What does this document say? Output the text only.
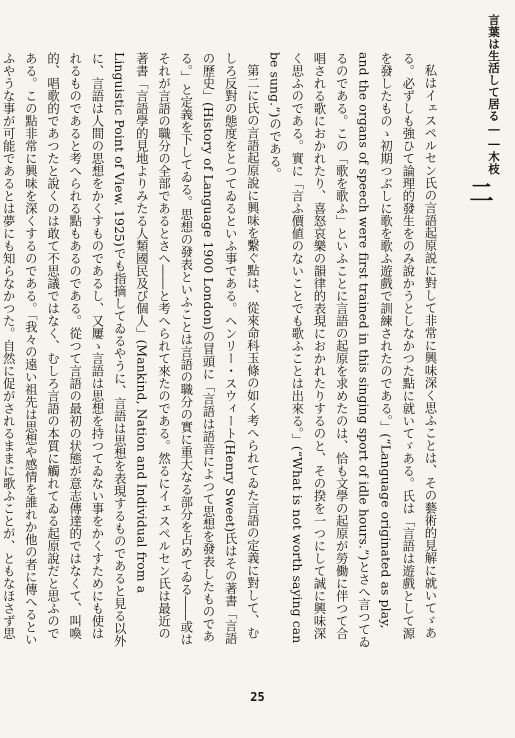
言葉は生活して居る――木枝
二

私はイェスペルセン氏の言語起原説に對して非常に興味深く思ふことは、その藝術的見解に就いてゞある。必ずしも強ひて論理的發生をのみ說かうとしなかつた點に就いてゞある。氏は「言語は遊戲として源を發したものゝ初期つぶしに歌を歌ふ遊戲で訓練されたのである。」(“Language originated as play, and the organs of speech were first trained in this singing sport of idle hours.”)とさへ言つてゐるのである。この「歌を歌ふ」といふことに言語の起原を求めたのは、恰も文學の起原が勞働に伴つて合唱される歌におかれたり、喜怒哀樂の韻律的表現におかれたりするのと、その揆を一つにして誠に興味深く思ふのである。實に「言ふ價値のないことでも歌ふことは出來る。」(“What is not worth saying can be sung.”)のである。

第二に氏の言語起原說に興味を繫ぐ點は、從來命科玉條の如く考へられてゐた言語の定義に對して、むしろ反對の態度をとつてゐるといふ事である。ヘンリー・スウィート(Henry Sweet)氏はその著書「言語の歷史」(History of Language 1900 London)の冒頭に「言語は語音によつて思想を發表したものである。」と定義を下してゐる。思想の發表といふことは言語の職分の實に重大なる部分を占めてゐる――或はそれが言語の職分の全部であるとさへ――と考へられて來たのである。然るにイェスペルセン氏は最近の著書「言語學的見地よりみたる人類國民及び個人」(Mankind, Nation and Individual from a Linguistic Point of View. 1925)でも指摘してゐるやうに、言語は思想を表現するものであると見る以外に、言語は人間の思想をかくすものであるし、又屢ゝ言語は思想を持つてゐない事をかくすためにも使はれるものであると考へられる點もあるのである。從つて言語の最初の状態が意志傳達的ではなくて、叫喚的、唱歌的であつたと說くのは敢て不思議ではなく、むしろ言語の本質に觸れてゐる起原說だと思ふのである。この點非常に興味を深くするのである。「我々の遠い祖先は思想や感情を誰れか他の者に傳へるといふやうな事が可能であるとは夢にも知らなかつた。自然に促がされるままに歌ふことが、ともなほさず思

25
